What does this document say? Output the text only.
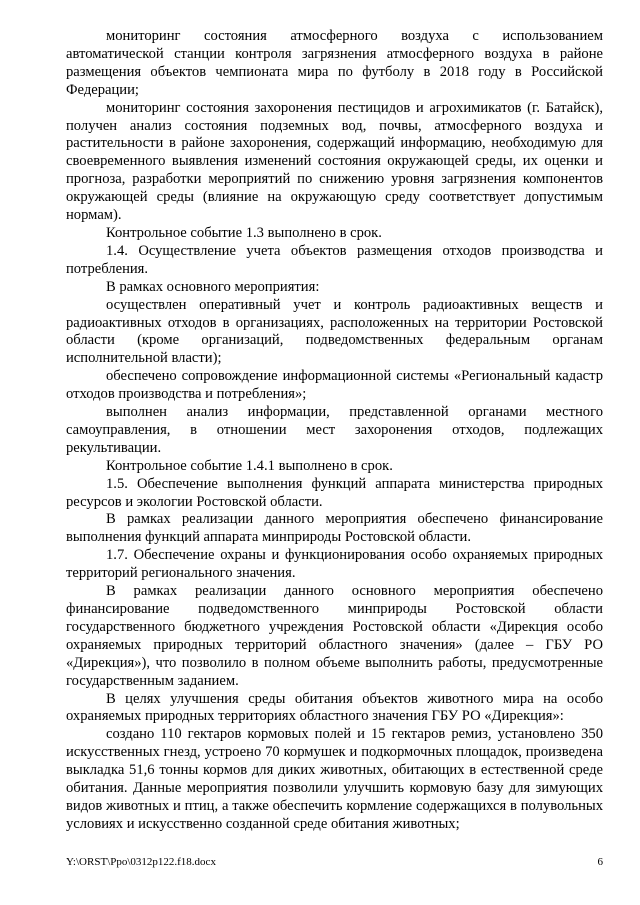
мониторинг состояния атмосферного воздуха с использованием автоматической станции контроля загрязнения атмосферного воздуха в районе размещения объектов чемпионата мира по футболу в 2018 году в Российской Федерации;

мониторинг состояния захоронения пестицидов и агрохимикатов (г. Батайск), получен анализ состояния подземных вод, почвы, атмосферного воздуха и растительности в районе захоронения, содержащий информацию, необходимую для своевременного выявления изменений состояния окружающей среды, их оценки и прогноза, разработки мероприятий по снижению уровня загрязнения компонентов окружающей среды (влияние на окружающую среду соответствует допустимым нормам).

Контрольное событие 1.3 выполнено в срок.

1.4. Осуществление учета объектов размещения отходов производства и потребления.

В рамках основного мероприятия:

осуществлен оперативный учет и контроль радиоактивных веществ и радиоактивных отходов в организациях, расположенных на территории Ростовской области (кроме организаций, подведомственных федеральным органам исполнительной власти);

обеспечено сопровождение информационной системы «Региональный кадастр отходов производства и потребления»;

выполнен анализ информации, представленной органами местного самоуправления, в отношении мест захоронения отходов, подлежащих рекультивации.

Контрольное событие 1.4.1 выполнено в срок.

1.5. Обеспечение выполнения функций аппарата министерства природных ресурсов и экологии Ростовской области.

В рамках реализации данного мероприятия обеспечено финансирование выполнения функций аппарата минприроды Ростовской области.

1.7. Обеспечение охраны и функционирования особо охраняемых природных территорий регионального значения.

В рамках реализации данного основного мероприятия обеспечено финансирование подведомственного минприроды Ростовской области государственного бюджетного учреждения Ростовской области «Дирекция особо охраняемых природных территорий областного значения» (далее – ГБУ РО «Дирекция»), что позволило в полном объеме выполнить работы, предусмотренные государственным заданием.

В целях улучшения среды обитания объектов животного мира на особо охраняемых природных территориях областного значения ГБУ РО «Дирекция»:

создано 110 гектаров кормовых полей и 15 гектаров ремиз, установлено 350 искусственных гнезд, устроено 70 кормушек и подкормочных площадок, произведена выкладка 51,6 тонны кормов для диких животных, обитающих в естественной среде обитания. Данные мероприятия позволили улучшить кормовую базу для зимующих видов животных и птиц, а также обеспечить кормление содержащихся в полувольных условиях и искусственно созданной среде обитания животных;

Y:\ORST\Ppo\0312p122.f18.docx	6
